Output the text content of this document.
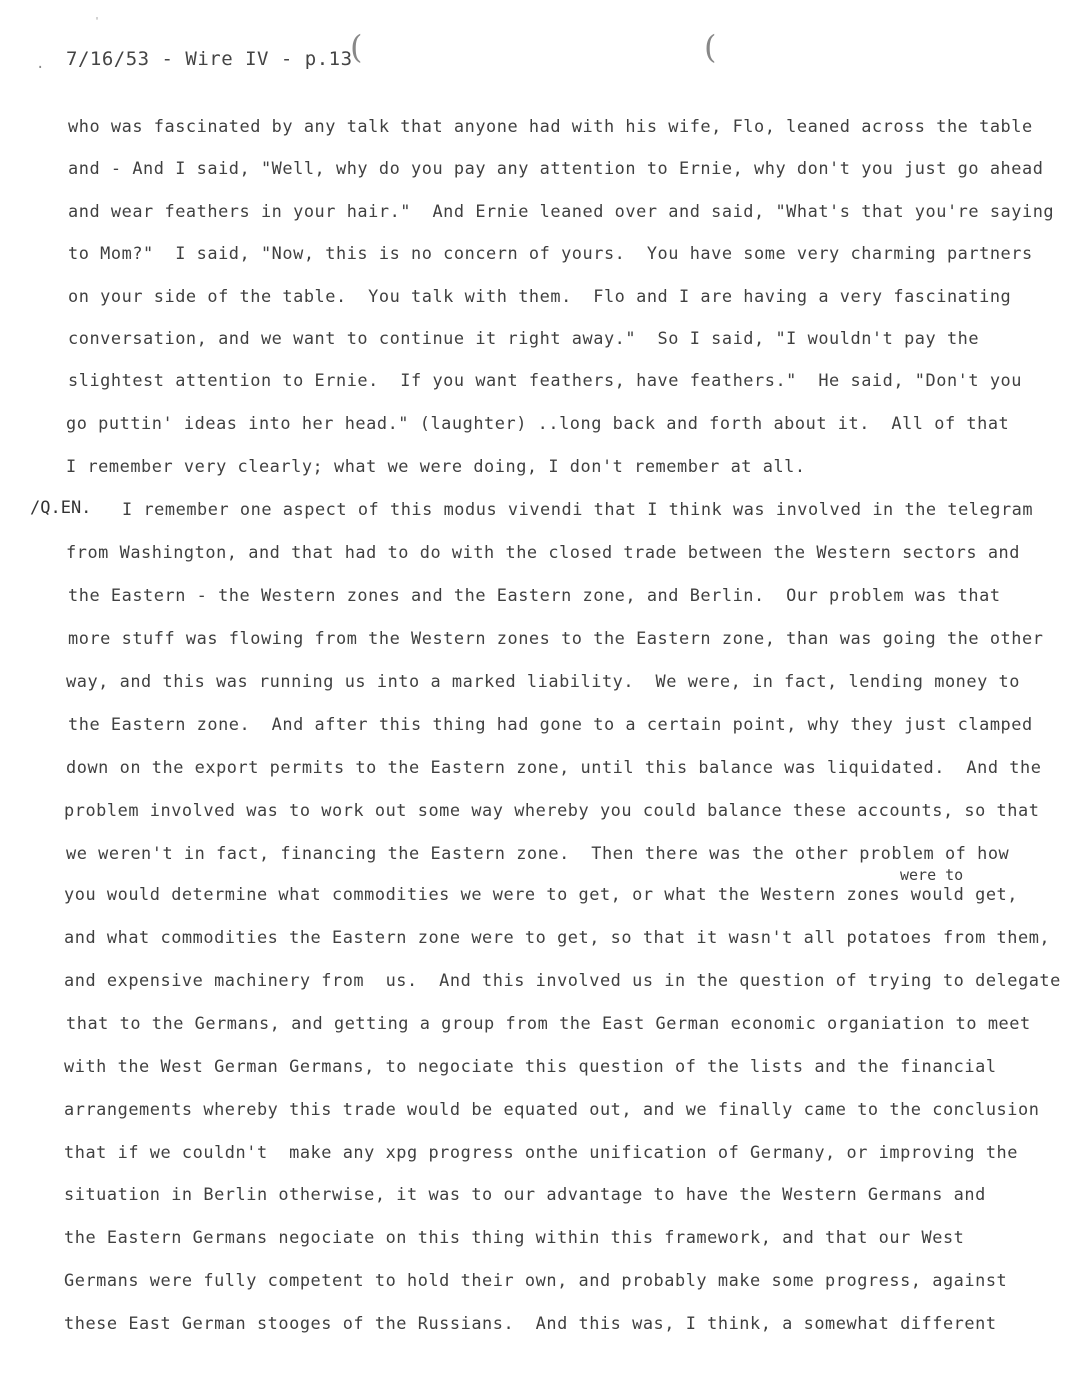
'
. 7/16/53 - Wire IV - p.13
(	(
/Q.EN.
were to
who was fascinated by any talk that anyone had with his wife, Flo, leaned across the table
and - And I said, "Well, why do you pay any attention to Ernie, why don't you just go ahead
and wear feathers in your hair."  And Ernie leaned over and said, "What's that you're saying
to Mom?"  I said, "Now, this is no concern of yours.  You have some very charming partners
on your side of the table.  You talk with them.  Flo and I are having a very fascinating
conversation, and we want to continue it right away."  So I said, "I wouldn't pay the
slightest attention to Ernie.  If you want feathers, have feathers."  He said, "Don't you
go puttin' ideas into her head." (laughter) ..long back and forth about it.  All of that
I remember very clearly; what we were doing, I don't remember at all.
I remember one aspect of this modus vivendi that I think was involved in the telegram
from Washington, and that had to do with the closed trade between the Western sectors and
the Eastern - the Western zones and the Eastern zone, and Berlin.  Our problem was that
more stuff was flowing from the Western zones to the Eastern zone, than was going the other
way, and this was running us into a marked liability.  We were, in fact, lending money to
the Eastern zone.  And after this thing had gone to a certain point, why they just clamped
down on the export permits to the Eastern zone, until this balance was liquidated.  And the
problem involved was to work out some way whereby you could balance these accounts, so that
we weren't in fact, financing the Eastern zone.  Then there was the other problem of how
you would determine what commodities we were to get, or what the Western zones would get,
and what commodities the Eastern zone were to get, so that it wasn't all potatoes from them,
and expensive machinery from  us.  And this involved us in the question of trying to delegate
that to the Germans, and getting a group from the East German economic organiation to meet
with the West German Germans, to negociate this question of the lists and the financial
arrangements whereby this trade would be equated out, and we finally came to the conclusion
that if we couldn't  make any xpg progress onthe unification of Germany, or improving the
situation in Berlin otherwise, it was to our advantage to have the Western Germans and
the Eastern Germans negociate on this thing within this framework, and that our West
Germans were fully competent to hold their own, and probably make some progress, against
these East German stooges of the Russians.  And this was, I think, a somewhat different
